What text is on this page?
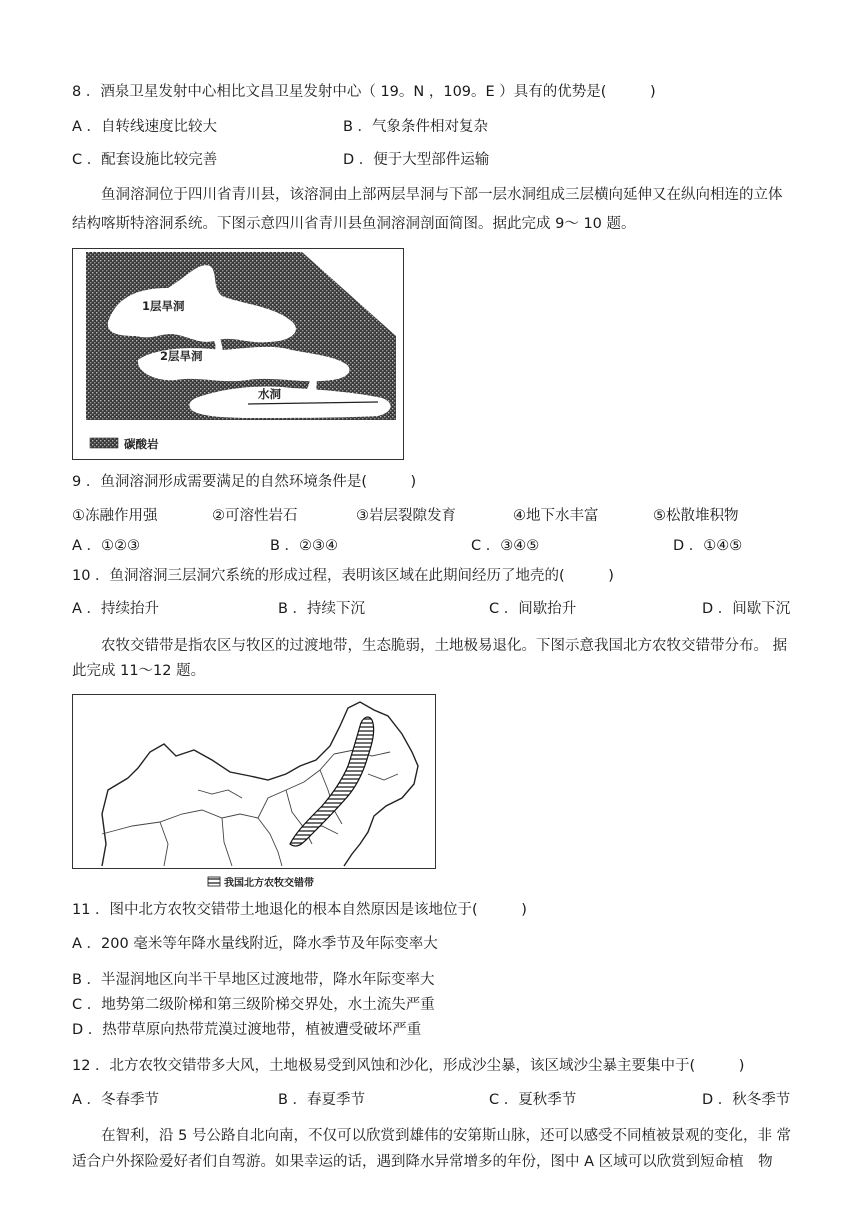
8 ．酒泉卫星发射中心相比文昌卫星发射中心（ 19。N ，109。E ）具有的优势是(　　　)
A ．自转线速度比较大	B ．气象条件相对复杂
C ．配套设施比较完善	D ．便于大型部件运输
鱼洞溶洞位于四川省青川县，该溶洞由上部两层旱洞与下部一层水洞组成三层横向延伸又在纵向相连的立体结构喀斯特溶洞系统。下图示意四川省青川县鱼洞溶洞剖面简图。据此完成 9～ 10 题。
1层旱洞
2层旱洞
水洞
碳酸岩
9 ．鱼洞溶洞形成需要满足的自然环境条件是(　　　)
①冻融作用强	②可溶性岩石	③岩层裂隙发育	④地下水丰富	⑤松散堆积物
A ．①②③	B ．②③④	C ．③④⑤	D ．①④⑤
10 ．鱼洞溶洞三层洞穴系统的形成过程，表明该区域在此期间经历了地壳的(　　　)
A ．持续抬升	B ．持续下沉	C ．间歇抬升	D ．间歇下沉
农牧交错带是指农区与牧区的过渡地带，生态脆弱，土地极易退化。下图示意我国北方农牧交错带分布。 据
此完成 11～12 题。
我国北方农牧交错带
11 ．图中北方农牧交错带土地退化的根本自然原因是该地位于(　　　)
A ．200 毫米等年降水量线附近，降水季节及年际变率大
B ．半湿润地区向半干旱地区过渡地带，降水年际变率大
C ．地势第二级阶梯和第三级阶梯交界处，水土流失严重
D ．热带草原向热带荒漠过渡地带，植被遭受破坏严重
12 ．北方农牧交错带多大风，土地极易受到风蚀和沙化，形成沙尘暴，该区域沙尘暴主要集中于(　　　)
A ．冬春季节	B ．春夏季节	C ．夏秋季节	D ．秋冬季节
在智利，沿 5 号公路自北向南，不仅可以欣赏到雄伟的安第斯山脉，还可以感受不同植被景观的变化，非 常
适合户外探险爱好者们自驾游。如果幸运的话，遇到降水异常增多的年份，图中 A 区域可以欣赏到短命植　物
